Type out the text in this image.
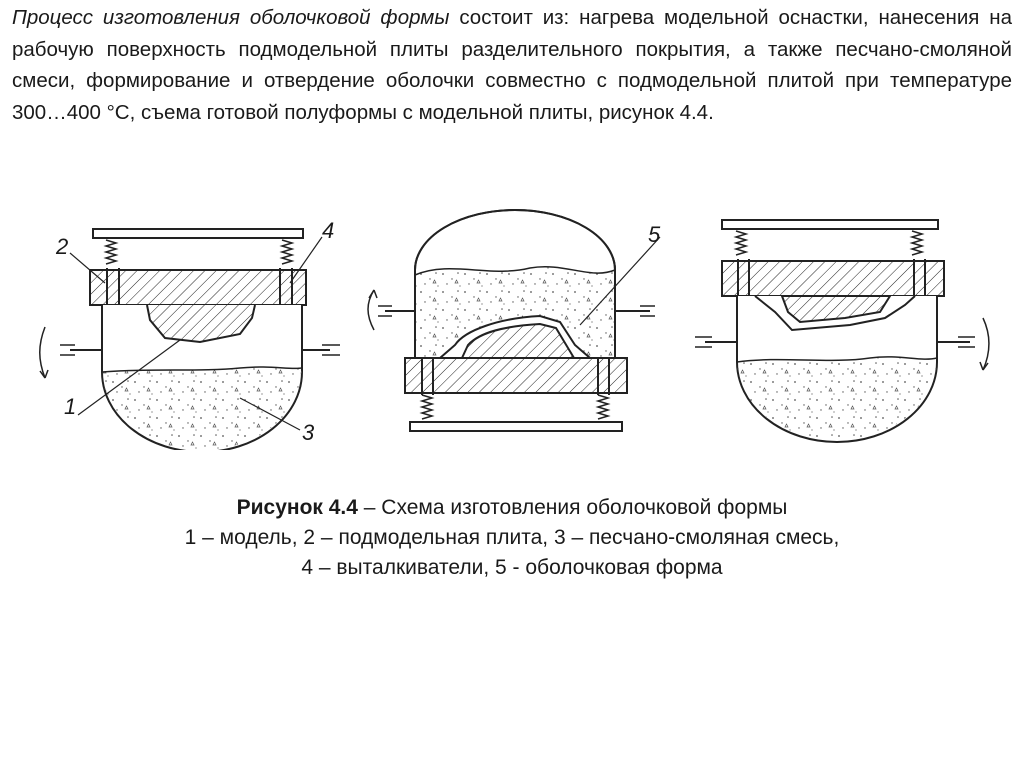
Процесс изготовления оболочковой формы состоит из: нагрева модельной оснастки, нанесения на рабочую поверхность подмодельной плиты разделительного покрытия, а также песчано-смоляной смеси, формирование и отвердение оболочки совместно с подмодельной плитой при температуре 300…400 °С, съема готовой полуформы с модельной плиты, рисунок 4.4.
1
2
3
4	5
Рисунок 4.4 – Схема изготовления оболочковой формы
1 – модель, 2 – подмодельная плита, 3 – песчано-смоляная смесь,
4 – выталкиватели, 5 - оболочковая форма
